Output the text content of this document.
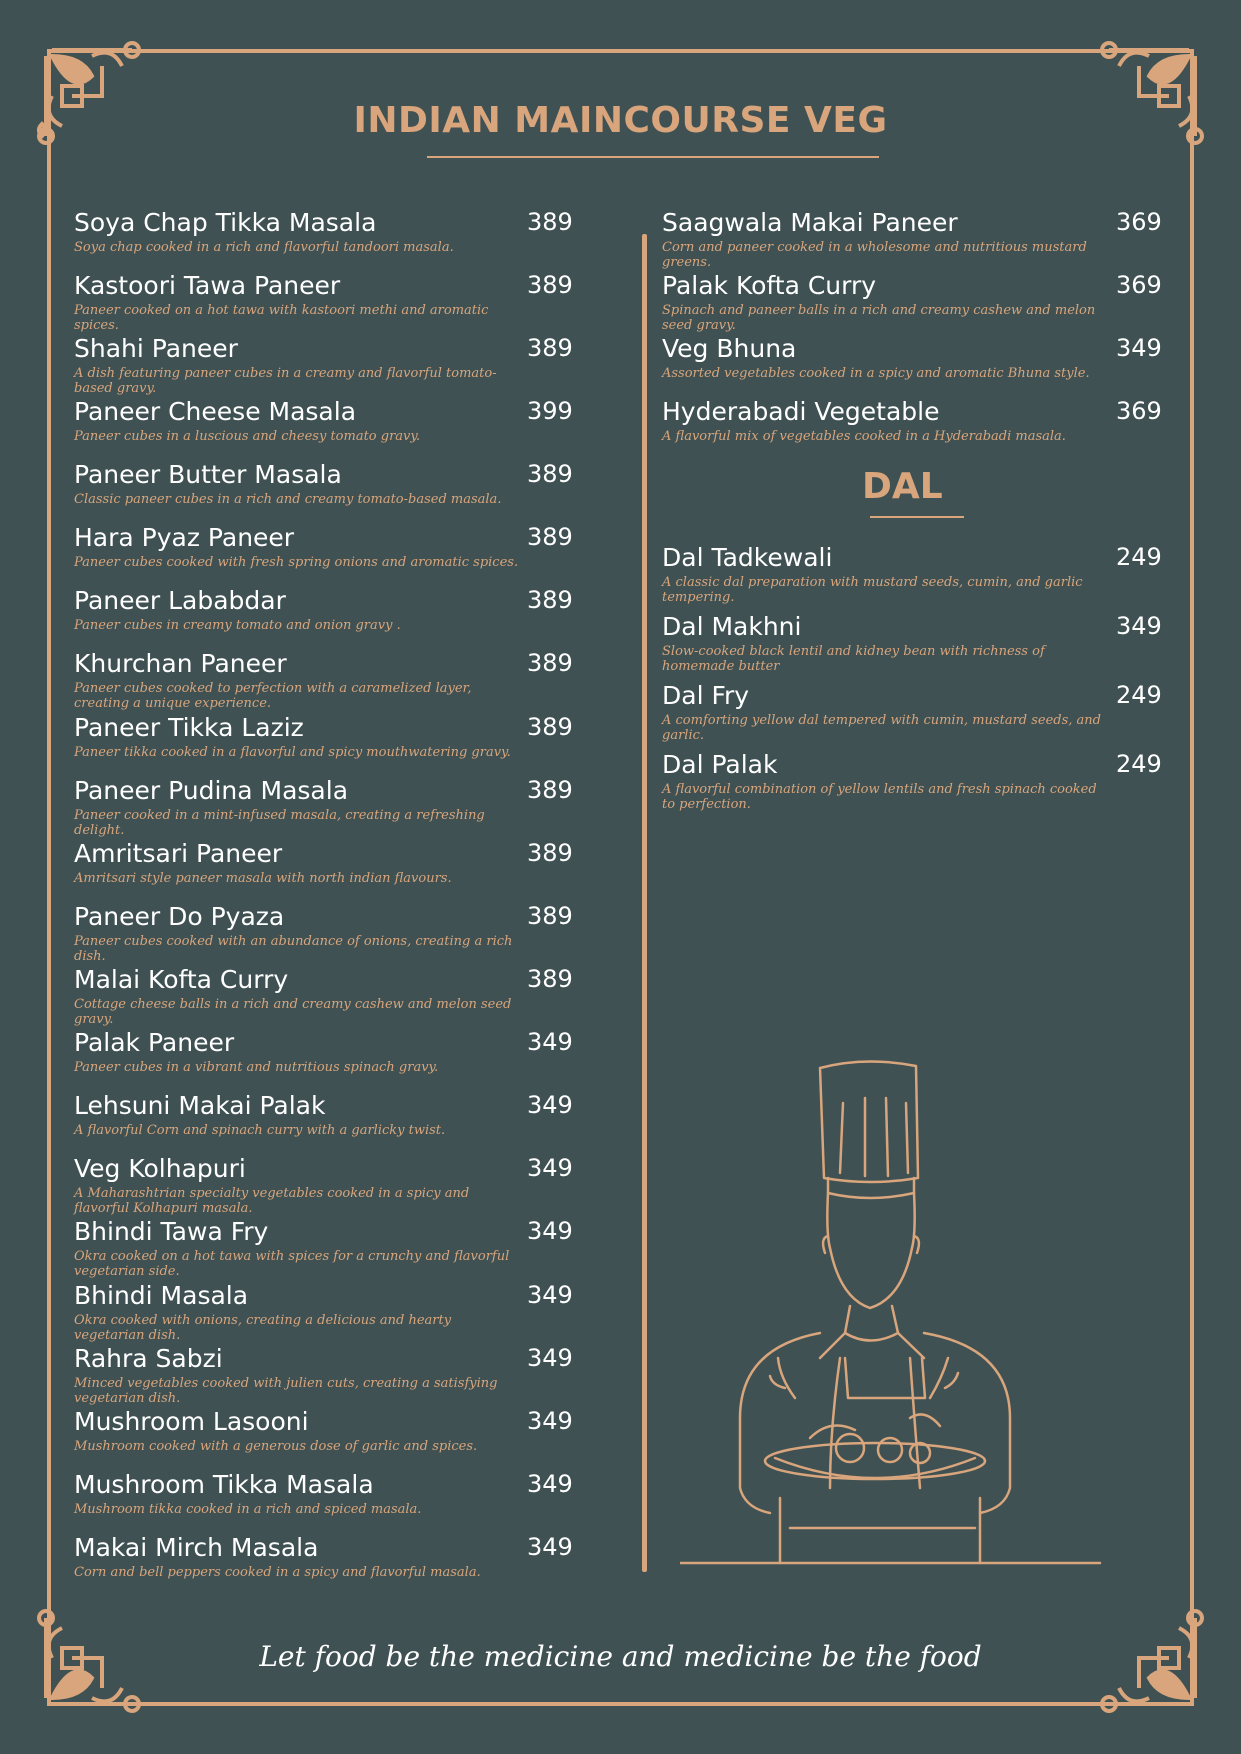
INDIAN MAINCOURSE VEG
Soya Chap Tikka Masala	389
Soya chap cooked in a rich and flavorful tandoori masala.
Kastoori Tawa Paneer	389
Paneer cooked on a hot tawa with kastoori methi and aromatic spices.
Shahi Paneer	389
A dish featuring paneer cubes in a creamy and flavorful tomato-based gravy.
Paneer Cheese Masala	399
Paneer cubes in a luscious and cheesy tomato gravy.
Paneer Butter Masala	389
Classic paneer cubes in a rich and creamy tomato-based masala.
Hara Pyaz Paneer	389
Paneer cubes cooked with fresh spring onions and aromatic spices.
Paneer Lababdar	389
Paneer cubes in creamy tomato and onion gravy .
Khurchan Paneer	389
Paneer cubes cooked to perfection with a caramelized layer, creating a unique experience.
Paneer Tikka Laziz	389
Paneer tikka cooked in a flavorful and spicy mouthwatering gravy.
Paneer Pudina Masala	389
Paneer cooked in a mint-infused masala, creating a refreshing delight.
Amritsari Paneer	389
Amritsari style paneer masala with north indian flavours.
Paneer Do Pyaza	389
Paneer cubes cooked with an abundance of onions, creating a rich dish.
Malai Kofta Curry	389
Cottage cheese balls in a rich and creamy cashew and melon seed gravy.
Palak Paneer	349
Paneer cubes in a vibrant and nutritious spinach gravy.
Lehsuni Makai Palak	349
A flavorful Corn and spinach curry with a garlicky twist.
Veg Kolhapuri	349
A Maharashtrian specialty vegetables cooked in a spicy and flavorful Kolhapuri masala.
Bhindi Tawa Fry	349
Okra cooked on a hot tawa with spices for a crunchy and flavorful vegetarian side.
Bhindi Masala	349
Okra cooked with onions, creating a delicious and hearty vegetarian dish.
Rahra Sabzi	349
Minced vegetables cooked with julien cuts, creating a satisfying vegetarian dish.
Mushroom Lasooni	349
Mushroom cooked with a generous dose of garlic and spices.
Mushroom Tikka Masala	349
Mushroom tikka cooked in a rich and spiced masala.
Makai Mirch Masala	349
Corn and bell peppers cooked in a spicy and flavorful masala.
Saagwala Makai Paneer	369
Corn and paneer cooked in a wholesome and nutritious mustard greens.
Palak Kofta Curry	369
Spinach and paneer balls in a rich and creamy cashew and melon seed gravy.
Veg Bhuna	349
Assorted vegetables cooked in a spicy and aromatic Bhuna style.
Hyderabadi Vegetable	369
A flavorful mix of vegetables cooked in a Hyderabadi masala.
DAL
Dal Tadkewali	249
A classic dal preparation with mustard seeds, cumin, and garlic tempering.
Dal Makhni	349
Slow-cooked black lentil and kidney bean with richness of homemade butter
Dal Fry	249
A comforting yellow dal tempered with cumin, mustard seeds, and garlic.
Dal Palak	249
A flavorful combination of yellow lentils and fresh spinach cooked to perfection.
Let food be the medicine and medicine be the food
